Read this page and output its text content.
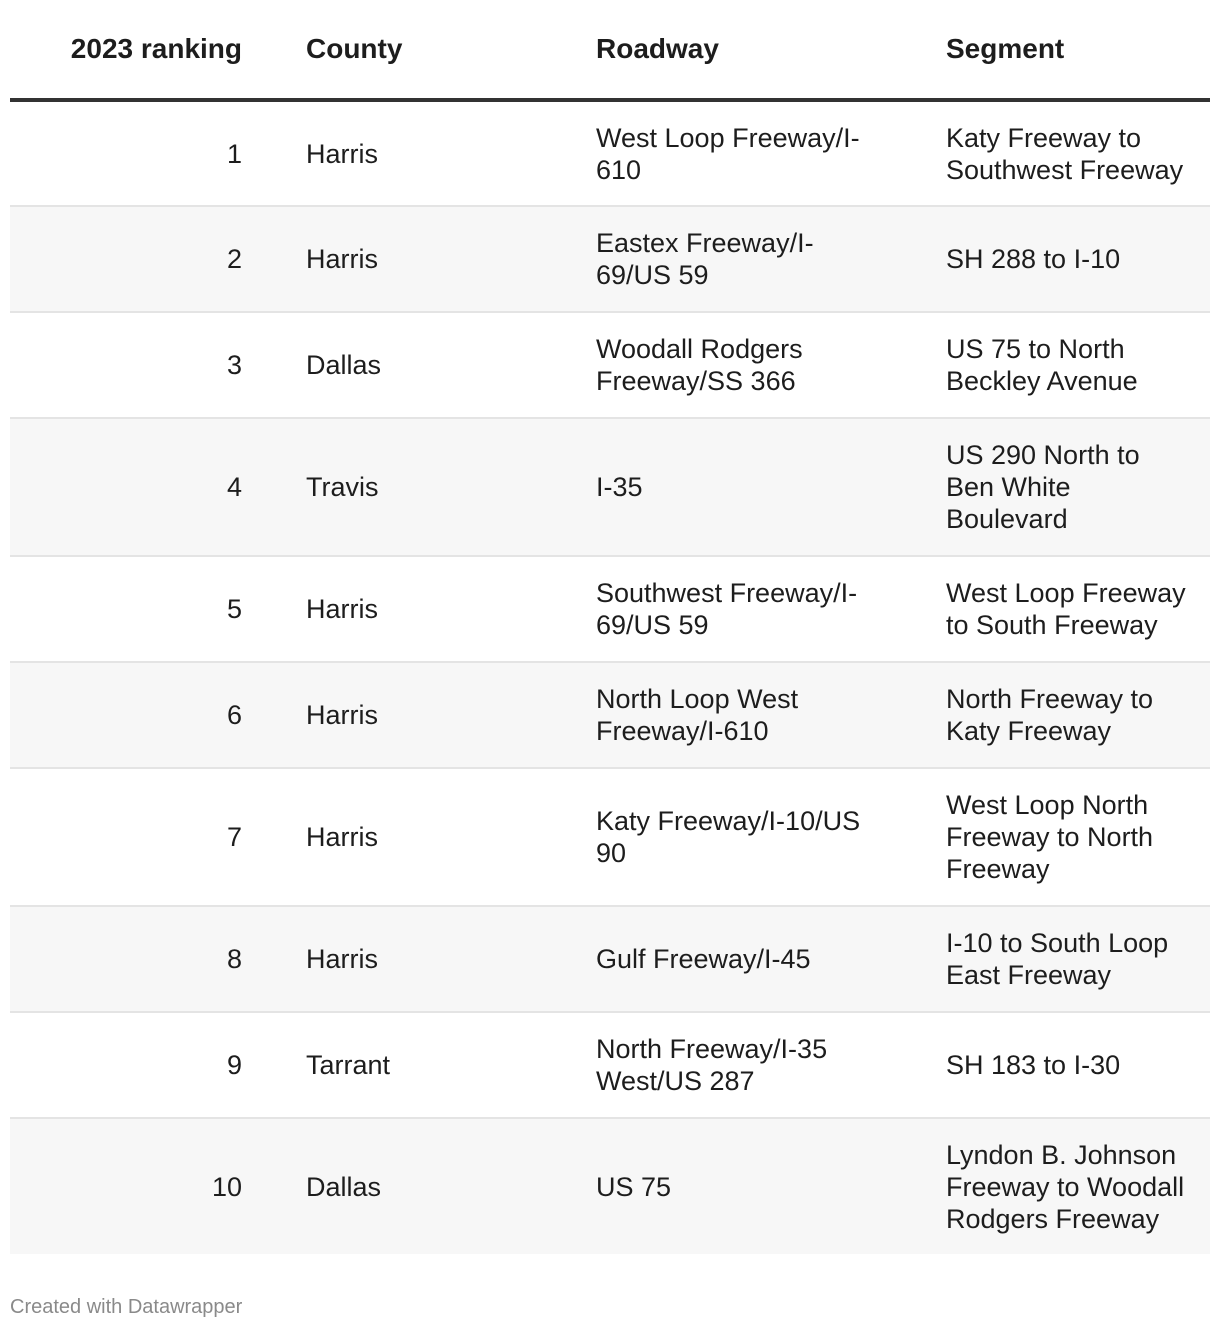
2023 ranking	County	Roadway	Segment
1	Harris	West Loop Freeway/I-610	Katy Freeway to Southwest Freeway
2	Harris	Eastex Freeway/I-69/US 59	SH 288 to I-10
3	Dallas	Woodall Rodgers Freeway/SS 366	US 75 to North Beckley Avenue
4	Travis	I-35	US 290 North to Ben White Boulevard
5	Harris	Southwest Freeway/I-69/US 59	West Loop Freeway to South Freeway
6	Harris	North Loop West Freeway/I-610	North Freeway to Katy Freeway
7	Harris	Katy Freeway/I-10/US 90	West Loop North Freeway to North Freeway
8	Harris	Gulf Freeway/I-45	I-10 to South Loop East Freeway
9	Tarrant	North Freeway/I-35 West/US 287	SH 183 to I-30
10	Dallas	US 75	Lyndon B. Johnson Freeway to Woodall Rodgers Freeway
Created with Datawrapper
